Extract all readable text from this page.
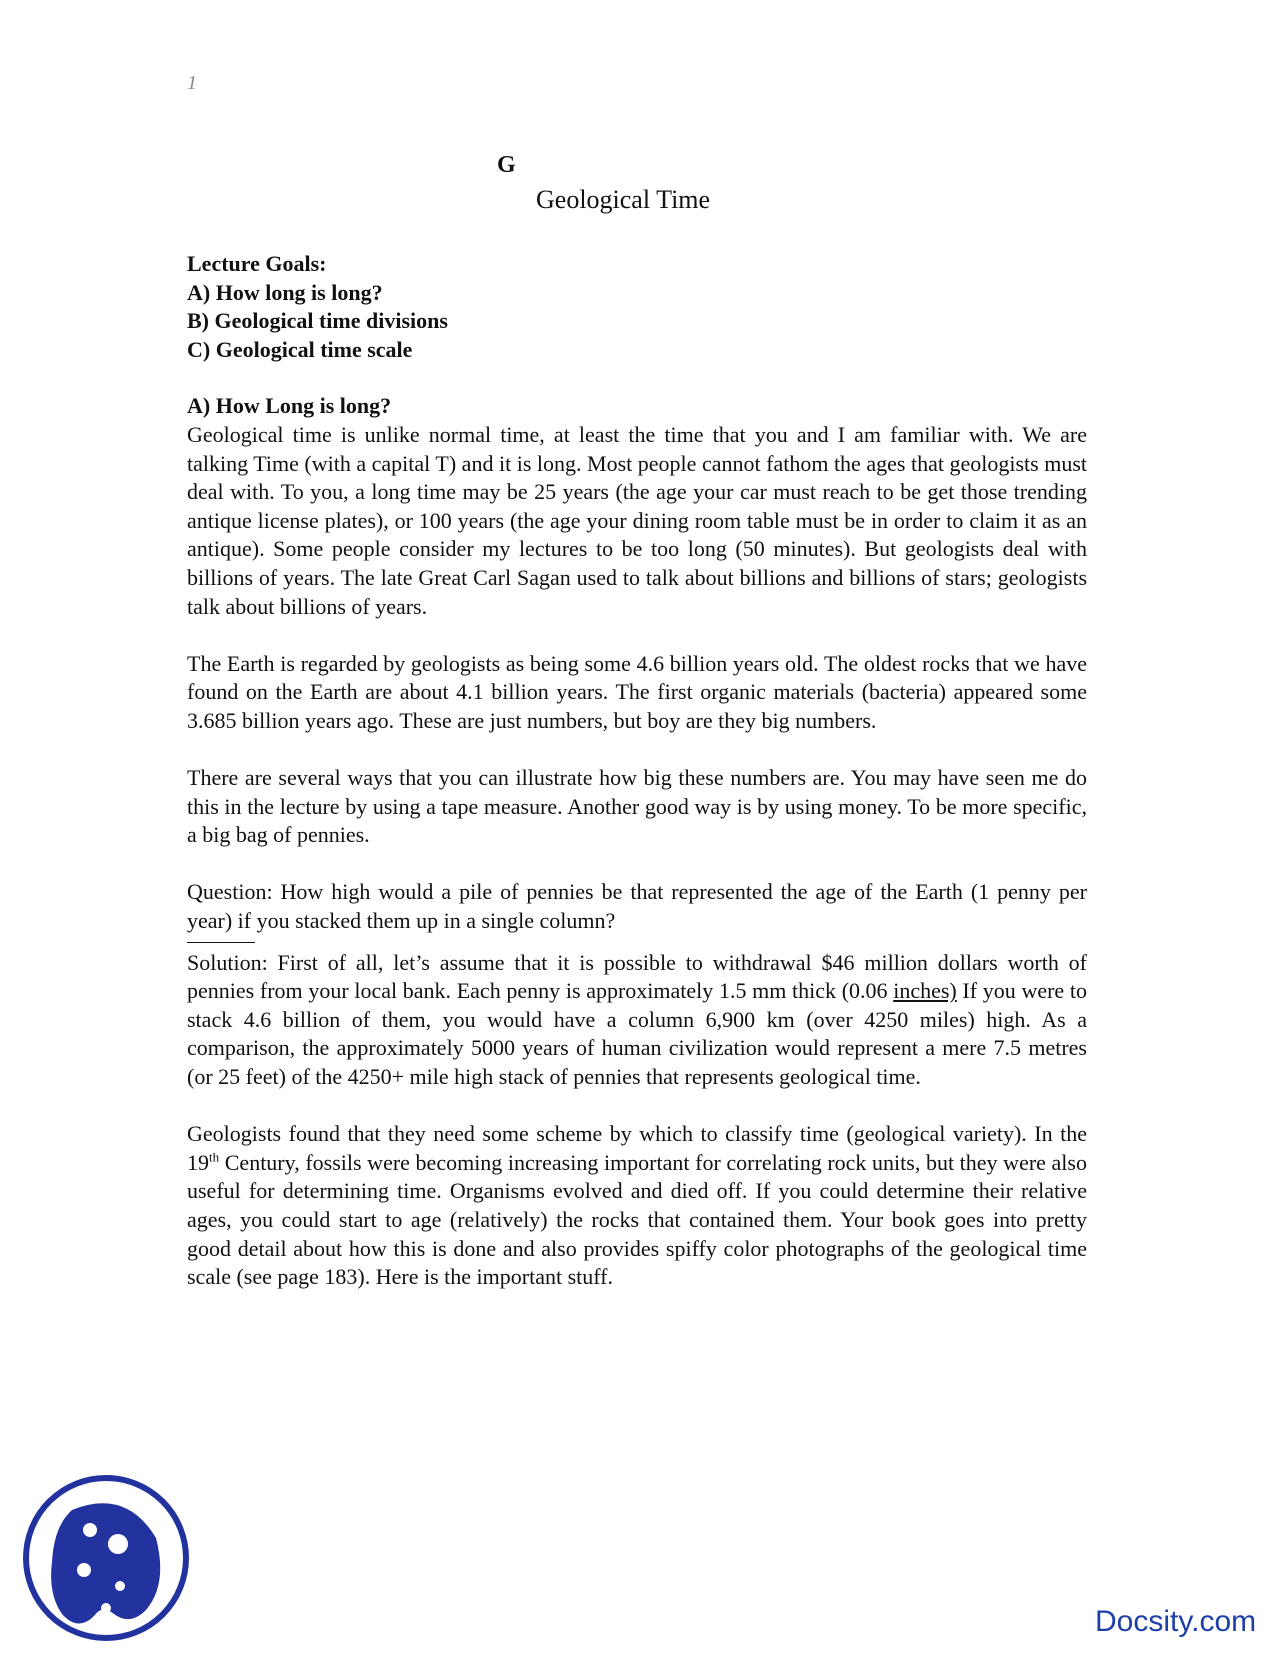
1
G
Geological Time
Lecture Goals:
A) How long is long?
B) Geological time divisions
C) Geological time scale
A) How Long is long?

Geological time is unlike normal time, at least the time that you and I am familiar with. We are talking Time (with a capital T) and it is long. Most people cannot fathom the ages that geologists must deal with. To you, a long time may be 25 years (the age your car must reach to be get those trending antique license plates), or 100 years (the age your dining room table must be in order to claim it as an antique). Some people consider my lectures to be too long (50 minutes). But geologists deal with billions of years. The late Great Carl Sagan used to talk about billions and billions of stars; geologists talk about billions of years.

The Earth is regarded by geologists as being some 4.6 billion years old. The oldest rocks that we have found on the Earth are about 4.1 billion years. The first organic materials (bacteria) appeared some 3.685 billion years ago. These are just numbers, but boy are they big numbers.

There are several ways that you can illustrate how big these numbers are. You may have seen me do this in the lecture by using a tape measure. Another good way is by using money. To be more specific, a big bag of pennies.

Question: How high would a pile of pennies be that represented the age of the Earth (1 penny per year) if you stacked them up in a single column?

Solution: First of all, let’s assume that it is possible to withdrawal $46 million dollars worth of pennies from your local bank. Each penny is approximately 1.5 mm thick (0.06 inches) If you were to stack 4.6 billion of them, you would have a column 6,900 km (over 4250 miles) high. As a comparison, the approximately 5000 years of human civilization would represent a mere 7.5 metres (or 25 feet) of the 4250+ mile high stack of pennies that represents geological time.

Geologists found that they need some scheme by which to classify time (geological variety). In the 19th Century, fossils were becoming increasing important for correlating rock units, but they were also useful for determining time. Organisms evolved and died off. If you could determine their relative ages, you could start to age (relatively) the rocks that contained them. Your book goes into pretty good detail about how this is done and also provides spiffy color photographs of the geological time scale (see page 183). Here is the important stuff.

Docsity.com
